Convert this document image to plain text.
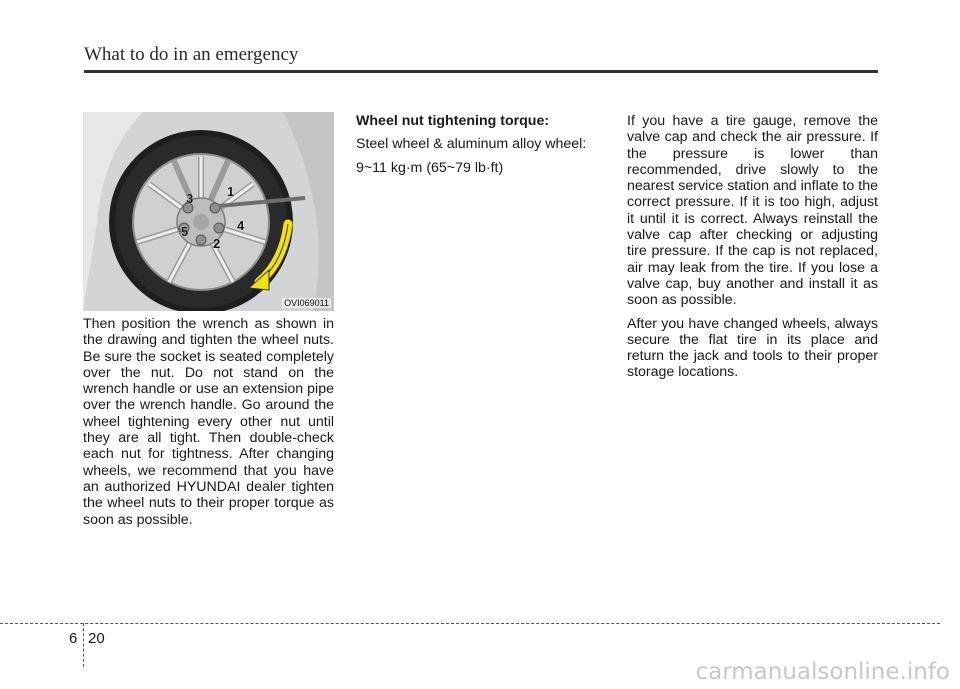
What to do in an emergency
1
2
3
4
5
OVI069011

Then position the wrench as shown in the drawing and tighten the wheel nuts. Be sure the socket is seated completely over the nut. Do not stand on the wrench handle or use an extension pipe over the wrench handle. Go around the wheel tightening every other nut until they are all tight. Then double-check each nut for tightness. After changing wheels, we recommend that you have an authorized HYUNDAI dealer tighten the wheel nuts to their proper torque as soon as possible.

Wheel nut tightening torque:

Steel wheel & aluminum alloy wheel:

9~11 kg·m (65~79 lb·ft)

If you have a tire gauge, remove the valve cap and check the air pressure. If the pressure is lower than recommended, drive slowly to the nearest service station and inflate to the correct pressure. If it is too high, adjust it until it is correct. Always reinstall the valve cap after checking or adjusting tire pressure. If the cap is not replaced, air may leak from the tire. If you lose a valve cap, buy another and install it as soon as possible.

After you have changed wheels, always secure the flat tire in its place and return the jack and tools to their proper storage locations.

6 20
carmanualsonline.info
